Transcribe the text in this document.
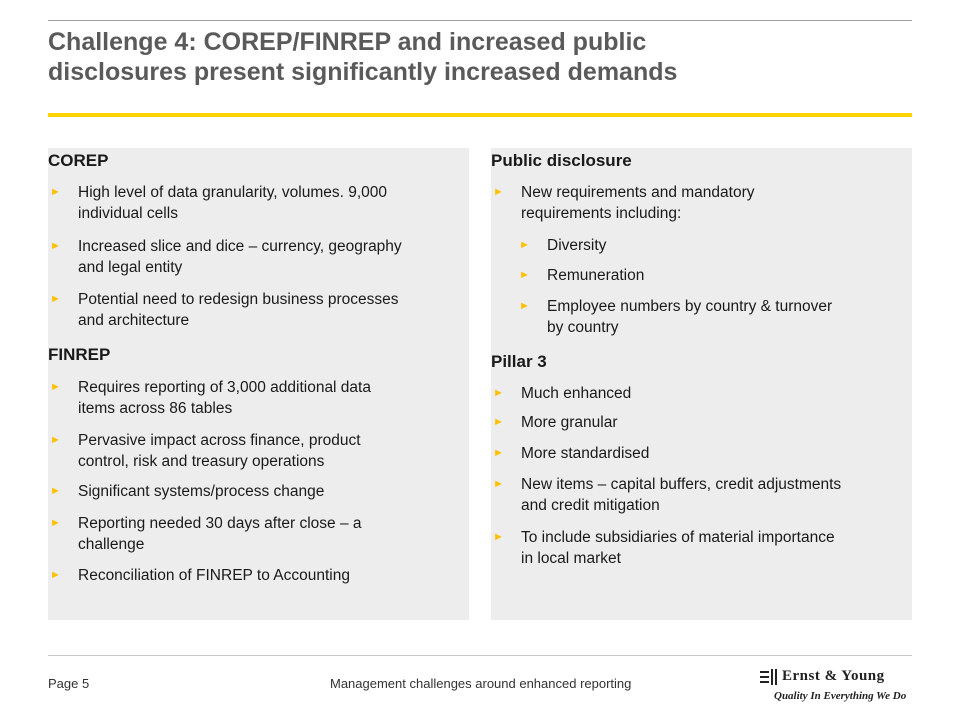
Challenge 4: COREP/FINREP and increased public
disclosures present significantly increased demands
COREP
► High level of data granularity, volumes. 9,000
individual cells
► Increased slice and dice – currency, geography
and legal entity
► Potential need to redesign business processes
and architecture
FINREP
► Requires reporting of 3,000 additional data
items across 86 tables
► Pervasive impact across finance, product
control, risk and treasury operations
► Significant systems/process change
► Reporting needed 30 days after close – a
challenge
► Reconciliation of FINREP to Accounting
Public disclosure
► New requirements and mandatory
requirements including:
► Diversity
► Remuneration
► Employee numbers by country & turnover
by country
Pillar 3
► Much enhanced
► More granular
► More standardised
► New items – capital buffers, credit adjustments
and credit mitigation
► To include subsidiaries of material importance
in local market
Page 5	Management challenges around enhanced reporting	Ernst & Young
Quality In Everything We Do
